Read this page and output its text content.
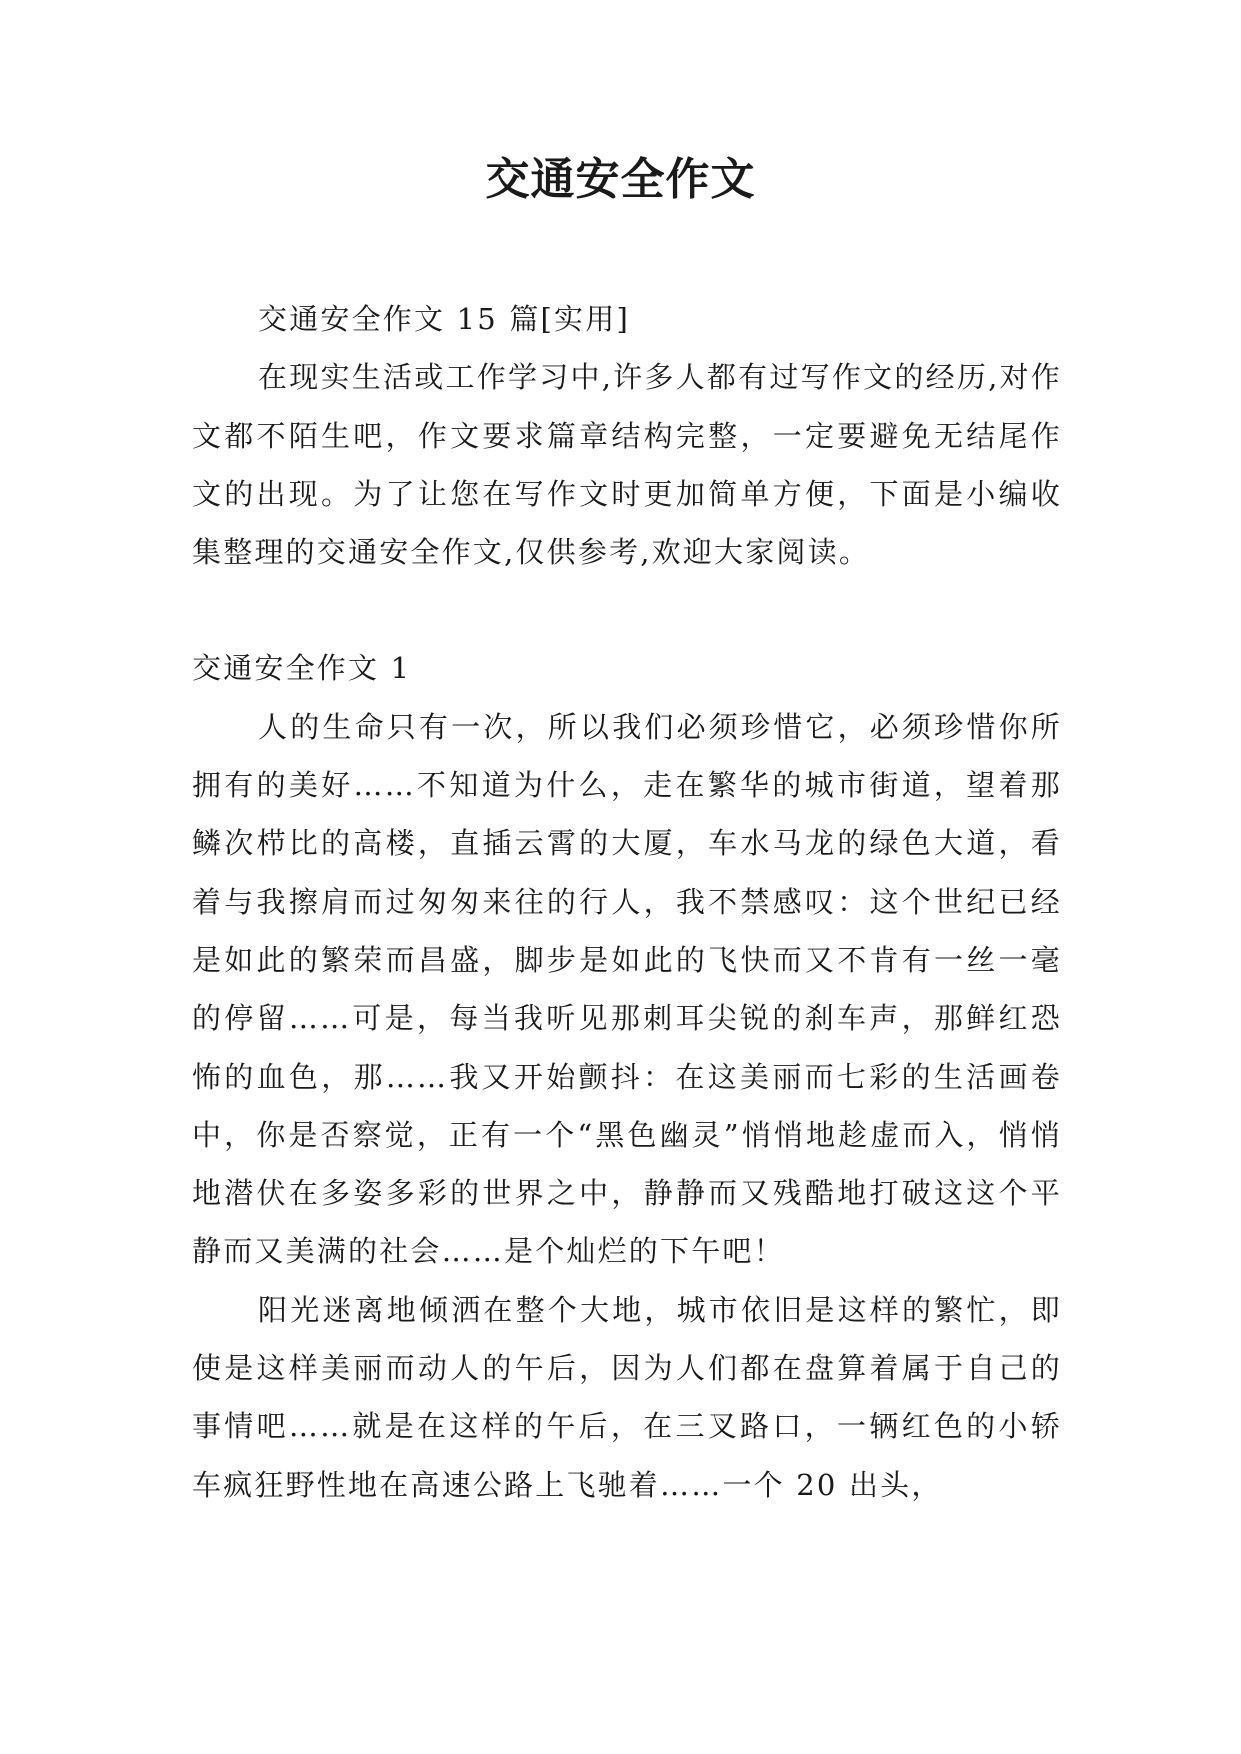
交通安全作文

交通安全作文 15 篇[实用]

在现实生活或工作学习中,许多人都有过写作文的经历,对作文都不陌生吧，作文要求篇章结构完整，一定要避免无结尾作文的出现。为了让您在写作文时更加简单方便，下面是小编收集整理的交通安全作文,仅供参考,欢迎大家阅读。

交通安全作文 1

人的生命只有一次，所以我们必须珍惜它，必须珍惜你所拥有的美好……不知道为什么，走在繁华的城市街道，望着那鳞次栉比的高楼，直插云霄的大厦，车水马龙的绿色大道，看着与我擦肩而过匆匆来往的行人，我不禁感叹：这个世纪已经是如此的繁荣而昌盛，脚步是如此的飞快而又不肯有一丝一毫的停留……可是，每当我听见那刺耳尖锐的刹车声，那鲜红恐怖的血色，那……我又开始颤抖：在这美丽而七彩的生活画卷中，你是否察觉，正有一个“黑色幽灵”悄悄地趁虚而入，悄悄地潜伏在多姿多彩的世界之中，静静而又残酷地打破这这个平静而又美满的社会……是个灿烂的下午吧！

阳光迷离地倾洒在整个大地，城市依旧是这样的繁忙，即使是这样美丽而动人的午后，因为人们都在盘算着属于自己的事情吧……就是在这样的午后，在三叉路口，一辆红色的小轿车疯狂野性地在高速公路上飞驰着……一个 20 出头，
